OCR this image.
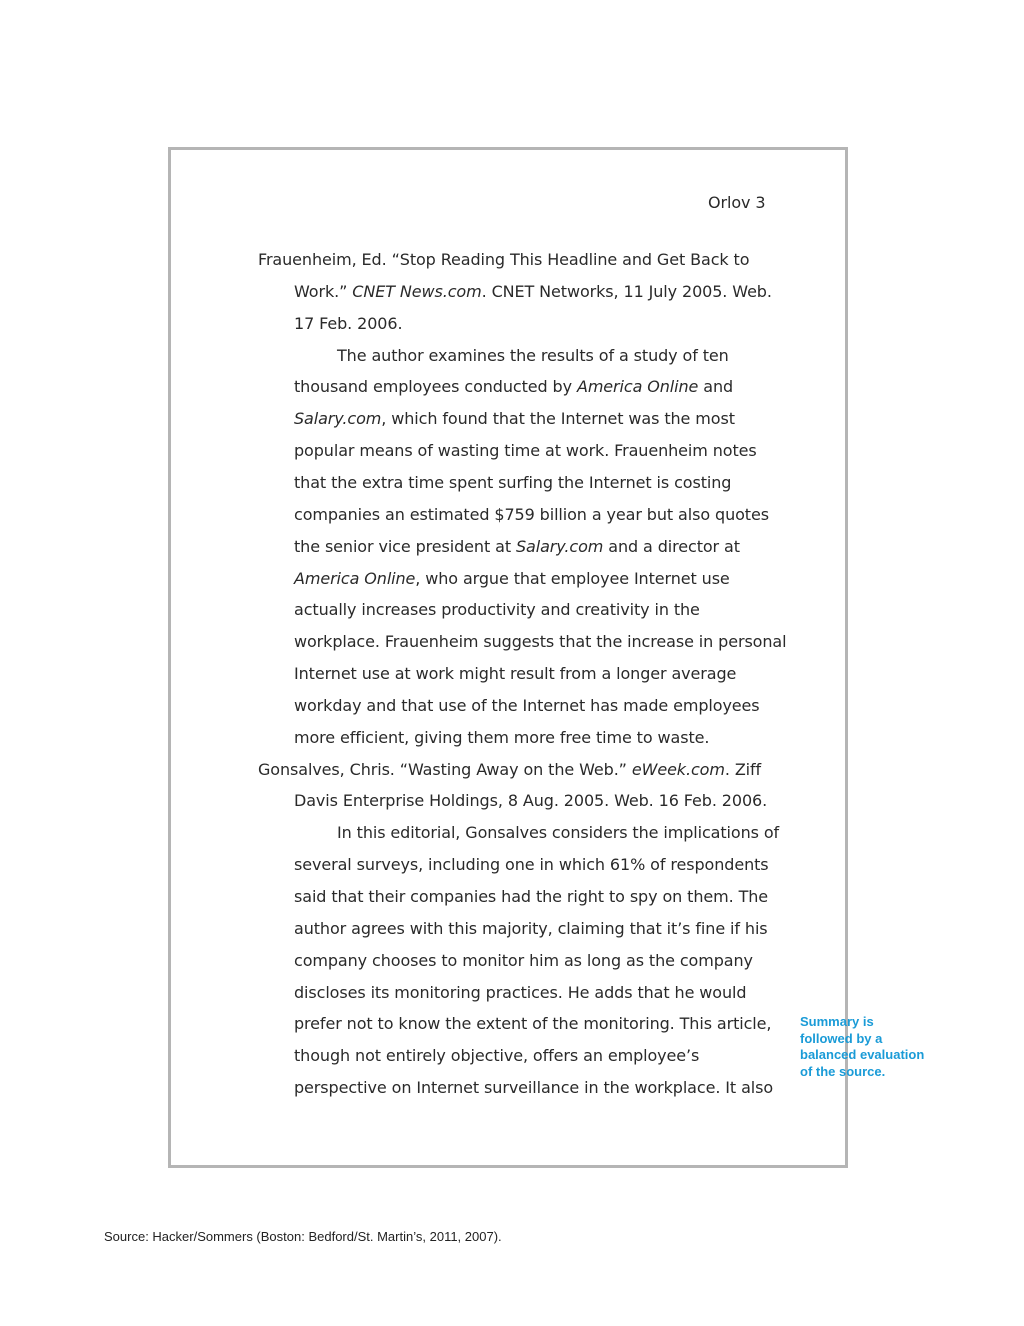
Orlov 3
Frauenheim, Ed. “Stop Reading This Headline and Get Back to
Work.” CNET News.com. CNET Networks, 11 July 2005. Web.
17 Feb. 2006.
The author examines the results of a study of ten
thousand employees conducted by America Online and
Salary.com, which found that the Internet was the most
popular means of wasting time at work. Frauenheim notes
that the extra time spent surfing the Internet is costing
companies an estimated $759 billion a year but also quotes
the senior vice president at Salary.com and a director at
America Online, who argue that employee Internet use
actually increases productivity and creativity in the
workplace. Frauenheim suggests that the increase in personal
Internet use at work might result from a longer average
workday and that use of the Internet has made employees
more efficient, giving them more free time to waste.
Gonsalves, Chris. “Wasting Away on the Web.” eWeek.com. Ziff
Davis Enterprise Holdings, 8 Aug. 2005. Web. 16 Feb. 2006.
In this editorial, Gonsalves considers the implications of
several surveys, including one in which 61% of respondents
said that their companies had the right to spy on them. The
author agrees with this majority, claiming that it’s fine if his
company chooses to monitor him as long as the company
discloses its monitoring practices. He adds that he would
prefer not to know the extent of the monitoring. This article,
though not entirely objective, offers an employee’s
perspective on Internet surveillance in the workplace. It also
Summary is
followed by a
balanced evaluation
of the source.
Source: Hacker/Sommers (Boston: Bedford/St. Martin’s, 2011, 2007).
